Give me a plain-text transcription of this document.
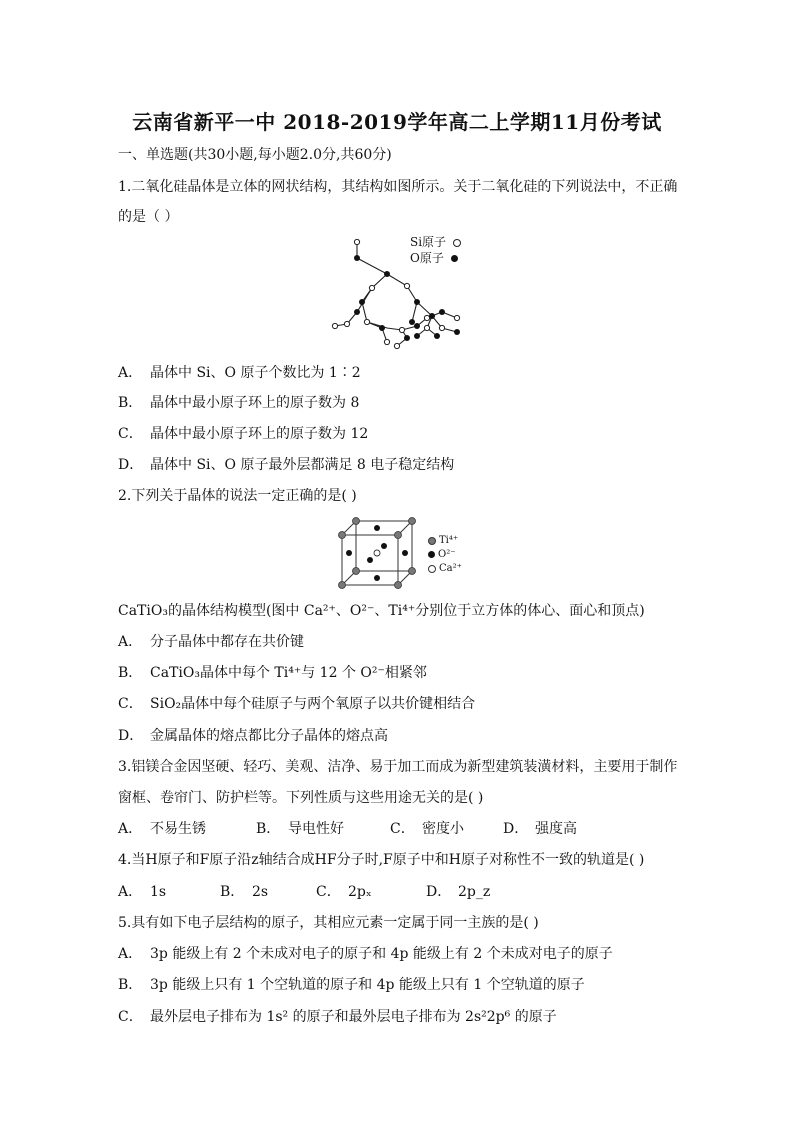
云南省新平一中 2018-2019学年高二上学期11月份考试
一、单选题(共30小题,每小题2.0分,共60分)
1.二氧化硅晶体是立体的网状结构，其结构如图所示。关于二氧化硅的下列说法中，不正确
的是（ ）
Si原子
O原子
A． 晶体中 Si、O 原子个数比为 1∶2
B． 晶体中最小原子环上的原子数为 8
C． 晶体中最小原子环上的原子数为 12
D． 晶体中 Si、O 原子最外层都满足 8 电子稳定结构
2.下列关于晶体的说法一定正确的是( )
Ti⁴⁺
O²⁻
Ca²⁺
CaTiO₃的晶体结构模型(图中 Ca²⁺、O²⁻、Ti⁴⁺分别位于立方体的体心、面心和顶点)
A． 分子晶体中都存在共价键
B． CaTiO₃晶体中每个 Ti⁴⁺与 12 个 O²⁻相紧邻
C． SiO₂晶体中每个硅原子与两个氧原子以共价键相结合
D． 金属晶体的熔点都比分子晶体的熔点高
3.铝镁合金因坚硬、轻巧、美观、洁净、易于加工而成为新型建筑装潢材料，主要用于制作
窗框、卷帘门、防护栏等。下列性质与这些用途无关的是( )
A． 不易生锈	B． 导电性好	C． 密度小	D． 强度高
4.当H原子和F原子沿z轴结合成HF分子时,F原子中和H原子对称性不一致的轨道是( )
A． 1s	B． 2s	C． 2pₓ	D． 2p_z
5.具有如下电子层结构的原子，其相应元素一定属于同一主族的是( )
A． 3p 能级上有 2 个未成对电子的原子和 4p 能级上有 2 个未成对电子的原子
B． 3p 能级上只有 1 个空轨道的原子和 4p 能级上只有 1 个空轨道的原子
C． 最外层电子排布为 1s² 的原子和最外层电子排布为 2s²2p⁶ 的原子
